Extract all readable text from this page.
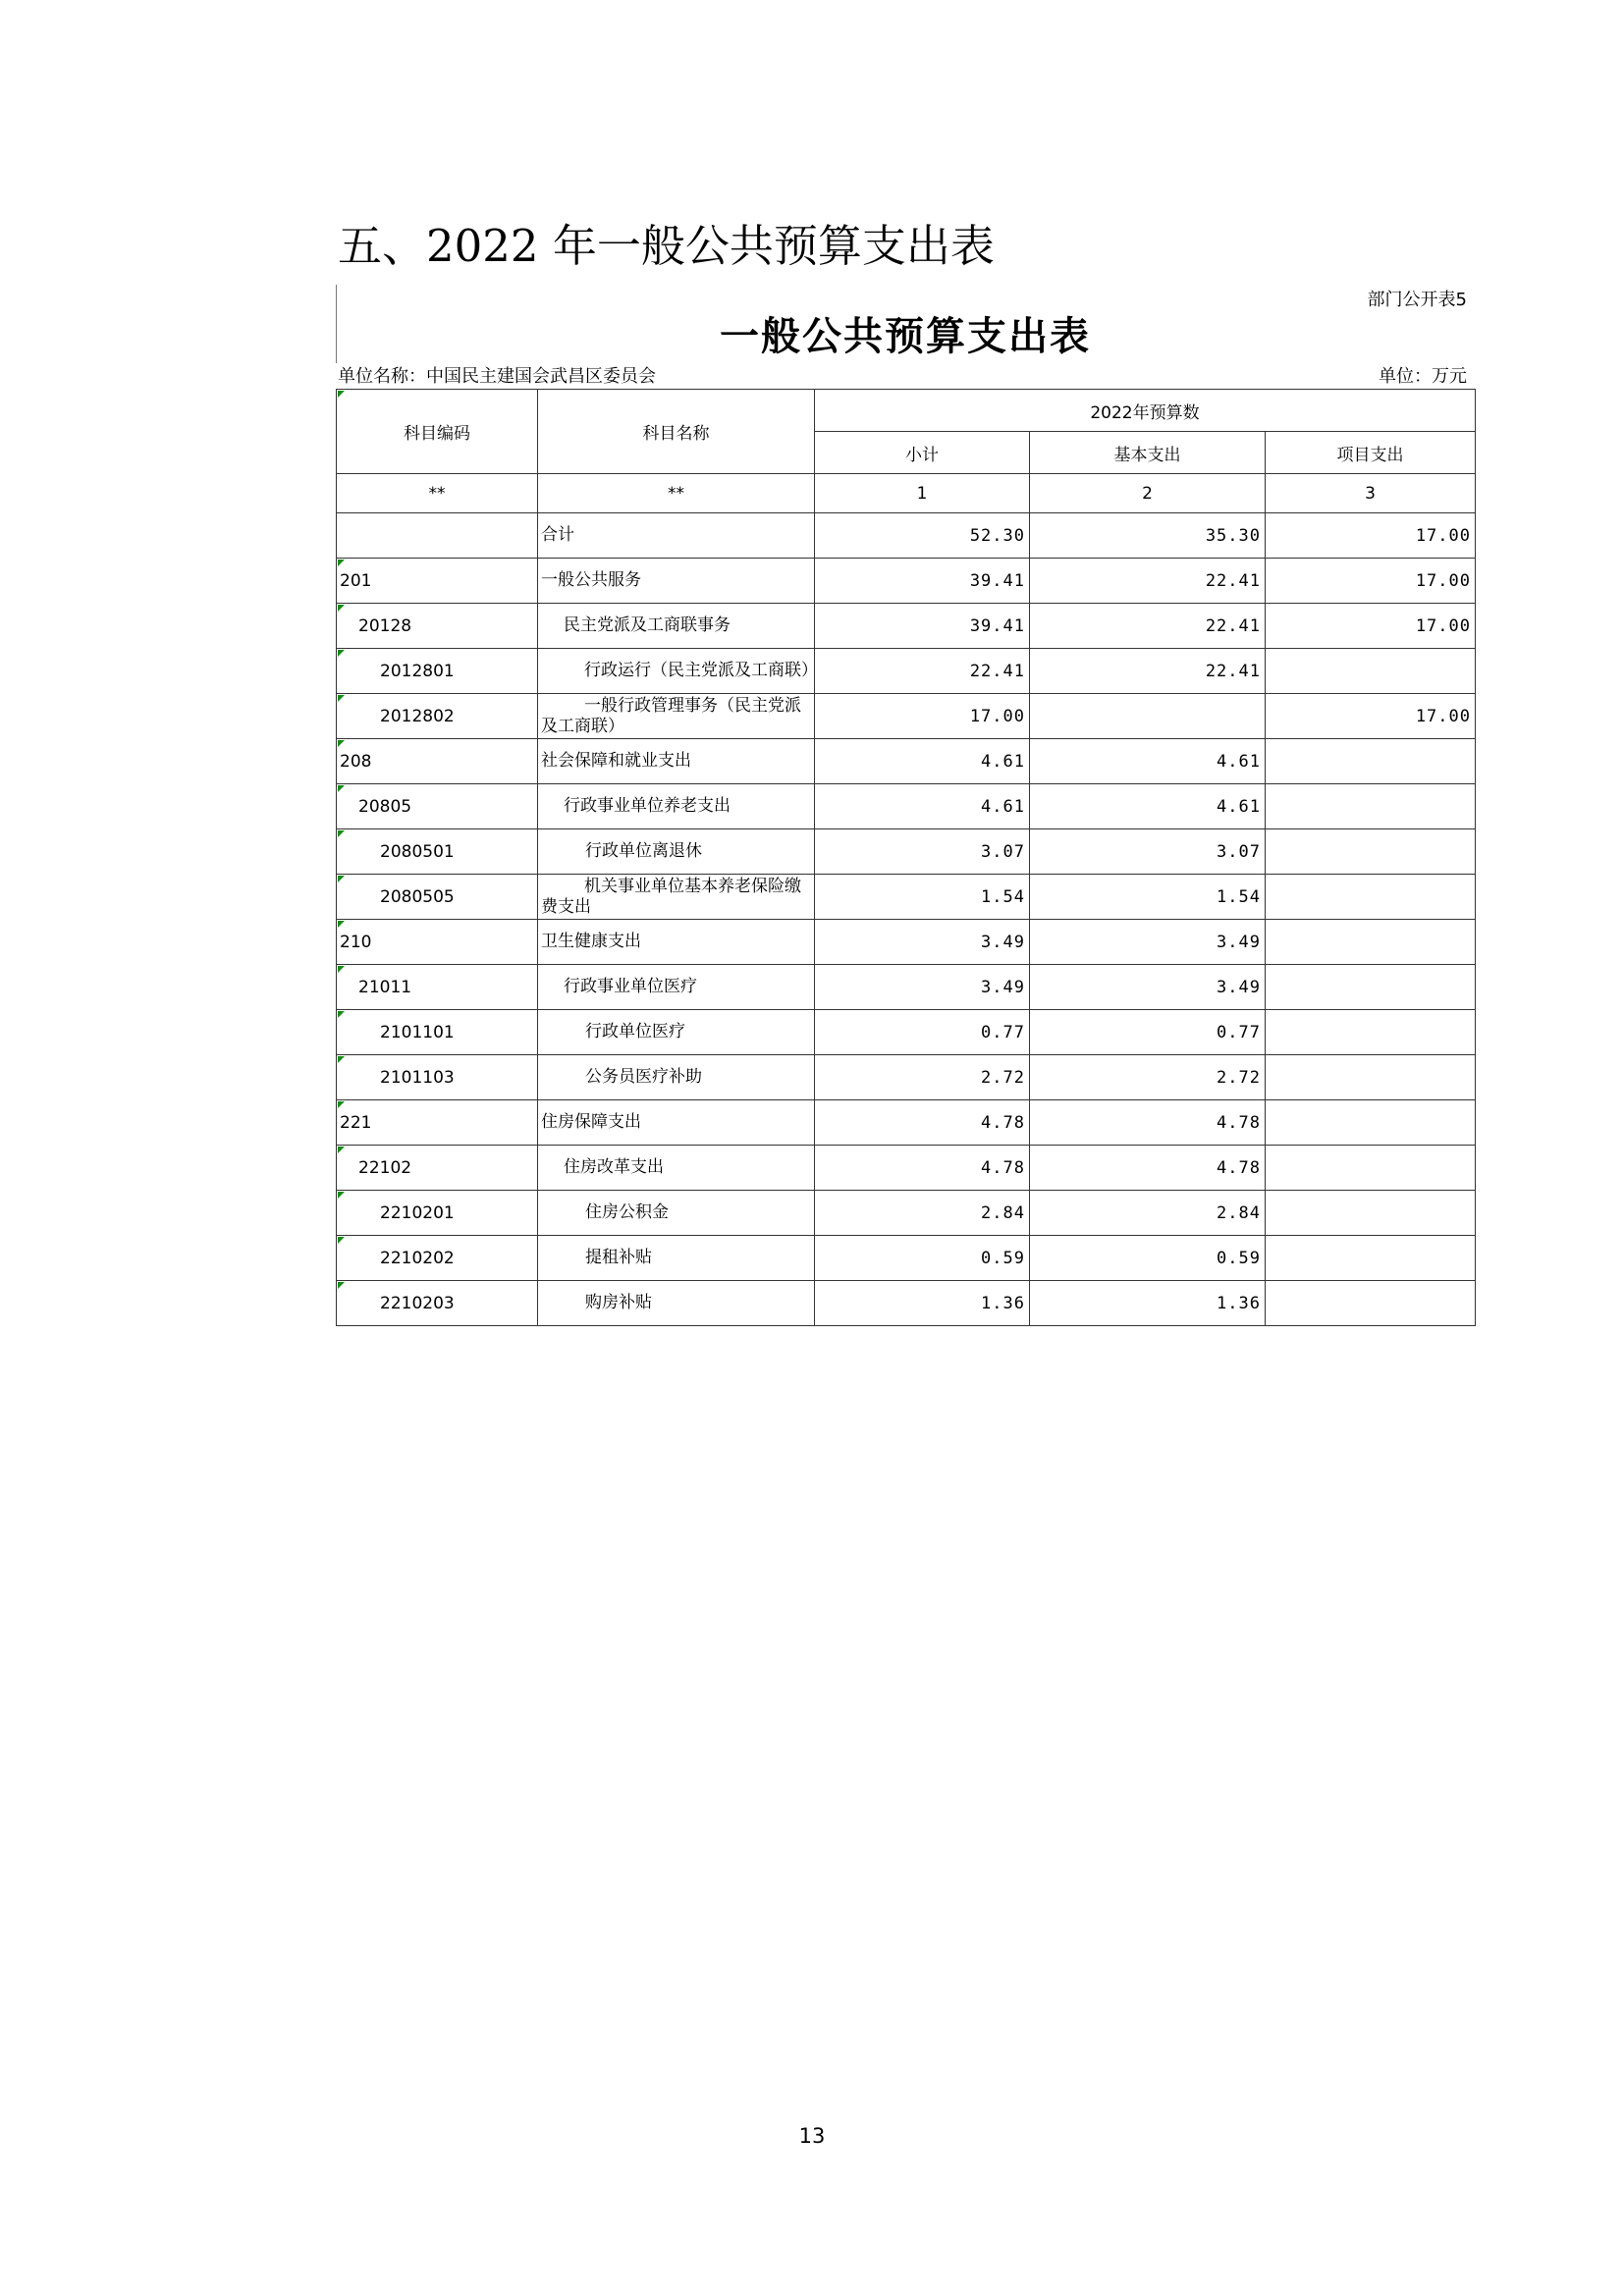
五、2022 年一般公共预算支出表
部门公开表5
一般公共预算支出表
单位名称：中国民主建国会武昌区委员会	单位：万元
科目编码	科目名称	2022年预算数		
		小计	基本支出	项目支出
**	**	1	2	3
	合计	52.30	35.30	17.00

201	一般公共服务	39.41	22.41	17.00

20128	民主党派及工商联事务	39.41	22.41	17.00

2012801	行政运行（民主党派及工商联）	22.41	22.41	

2012802	一般行政管理事务（民主党派及工商联）	17.00		17.00

208	社会保障和就业支出	4.61	4.61	

20805	行政事业单位养老支出	4.61	4.61	

2080501	行政单位离退休	3.07	3.07	

2080505	机关事业单位基本养老保险缴费支出	1.54	1.54	

210	卫生健康支出	3.49	3.49	

21011	行政事业单位医疗	3.49	3.49	

2101101	行政单位医疗	0.77	0.77	

2101103	公务员医疗补助	2.72	2.72	

221	住房保障支出	4.78	4.78	

22102	住房改革支出	4.78	4.78	

2210201	住房公积金	2.84	2.84	

2210202	提租补贴	0.59	0.59	

2210203	购房补贴	1.36	1.36	
13
